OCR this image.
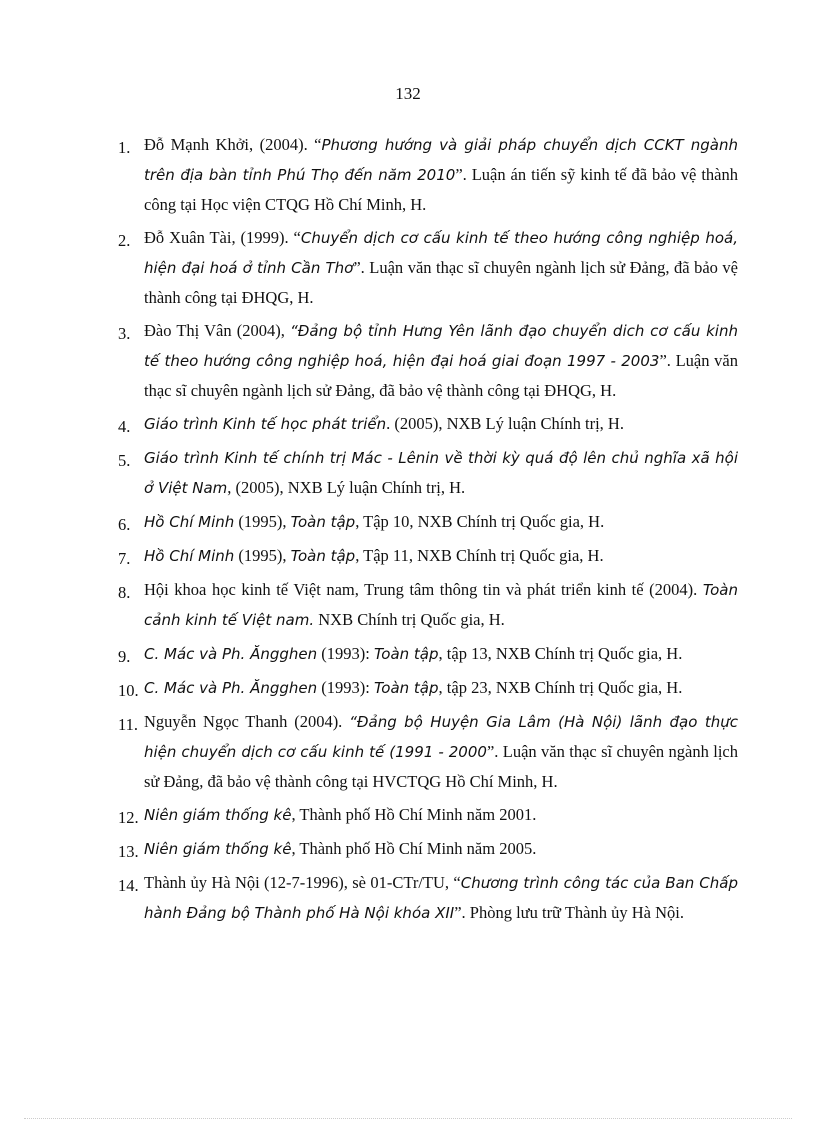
132
1. Đỗ Mạnh Khởi, (2004). “Phương hướng và giải pháp chuyển dịch CCKT ngành trên địa bàn tỉnh Phú Thọ đến năm 2010”. Luận án tiến sỹ kinh tế đã bảo vệ thành công tại Học viện CTQG Hồ Chí Minh, H.
2. Đỗ Xuân Tài, (1999). “Chuyển dịch cơ cấu kinh tế theo hướng công nghiệp hoá, hiện đại hoá ở tỉnh Cần Thơ”. Luận văn thạc sĩ chuyên ngành lịch sử Đảng, đã bảo vệ thành công tại ĐHQG, H.
3. Đào Thị Vân (2004), “Đảng bộ tỉnh Hưng Yên lãnh đạo chuyển dich cơ cấu kinh tế theo hướng công nghiệp hoá, hiện đại hoá giai đoạn 1997 - 2003”. Luận văn thạc sĩ chuyên ngành lịch sử Đảng, đã bảo vệ thành công tại ĐHQG, H.
4. Giáo trình Kinh tế học phát triển. (2005), NXB Lý luận Chính trị, H.
5. Giáo trình Kinh tế chính trị Mác - Lênin về thời kỳ quá độ lên chủ nghĩa xã hội ở Việt Nam, (2005), NXB Lý luận Chính trị, H.
6. Hồ Chí Minh (1995), Toàn tập, Tập 10, NXB Chính trị Quốc gia, H.
7. Hồ Chí Minh (1995), Toàn tập, Tập 11, NXB Chính trị Quốc gia, H.
8. Hội khoa học kinh tế Việt nam, Trung tâm thông tin và phát triển kinh tế (2004). Toàn cảnh kinh tế Việt nam. NXB Chính trị Quốc gia, H.
9. C. Mác và Ph. Ăngghen (1993): Toàn tập, tập 13, NXB Chính trị Quốc gia, H.
10. C. Mác và Ph. Ăngghen (1993): Toàn tập, tập 23, NXB Chính trị Quốc gia, H.
11. Nguyễn Ngọc Thanh (2004). “Đảng bộ Huyện Gia Lâm (Hà Nội) lãnh đạo thực hiện chuyển dịch cơ cấu kinh tế (1991 - 2000”. Luận văn thạc sĩ chuyên ngành lịch sử Đảng, đã bảo vệ thành công tại HVCTQG Hồ Chí Minh, H.
12. Niên giám thống kê, Thành phố Hồ Chí Minh năm 2001.
13. Niên giám thống kê, Thành phố Hồ Chí Minh năm 2005.
14. Thành ủy Hà Nội (12-7-1996), sè 01-CTr/TU, “Chương trình công tác của Ban Chấp hành Đảng bộ Thành phố Hà Nội khóa XII”. Phòng lưu trữ Thành ủy Hà Nội.
